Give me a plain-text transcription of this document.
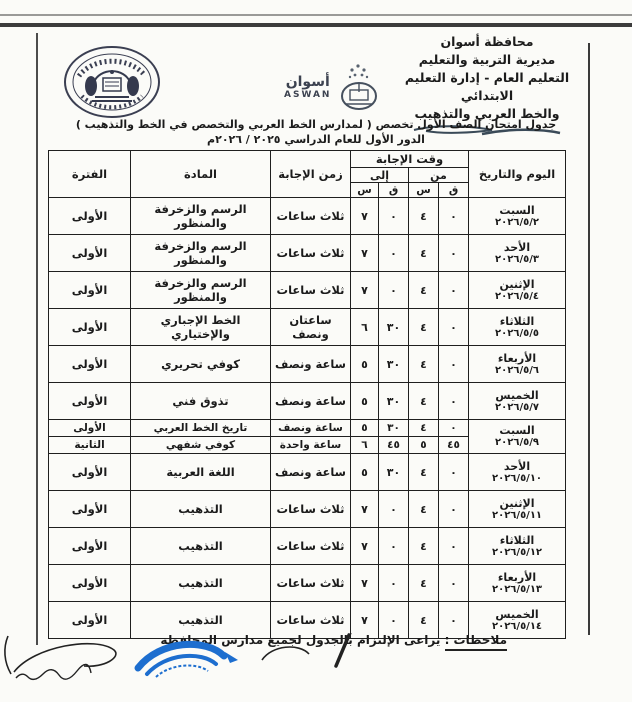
أسوان
ASWAN
محافظة أسوان
مديرية التربية والتعليم
التعليم العام - إدارة التعليم الابتدائي
والخط العربي والتذهيب
جدول امتحان الصف الأول تخصص ( لمدارس الخط العربي والتخصص في الخط والتذهيب )
الدور الأول للعام الدراسي ٢٠٢٥ / ٢٠٢٦م
اليوم والتاريخ	وقت الإجابة				زمن الإجابة	المادة	الفترة
	من		إلى				
	ق	س	ق	س			

السبت
٢٠٢٦/٥/٢	٠	٤	٠	٧	ثلاث ساعات	الرسم والزخرفة والمنظور	الأولى

الأحد
٢٠٢٦/٥/٣	٠	٤	٠	٧	ثلاث ساعات	الرسم والزخرفة والمنظور	الأولى

الإثنين
٢٠٢٦/٥/٤	٠	٤	٠	٧	ثلاث ساعات	الرسم والزخرفة والمنظور	الأولى

الثلاثاء
٢٠٢٦/٥/٥	٠	٤	٣٠	٦	ساعتان ونصف	الخط الإجباري والإختياري	الأولى

الأربعاء
٢٠٢٦/٥/٦	٠	٤	٣٠	٥	ساعة ونصف	كوفي تحريري	الأولى

الخميس
٢٠٢٦/٥/٧	٠	٤	٣٠	٥	ساعة ونصف	تذوق فني	الأولى

السبت
٢٠٢٦/٥/٩	٠	٤	٣٠	٥	ساعة ونصف	تاريخ الخط العربي	الأولى
	٤٥	٥	٤٥	٦	ساعة واحدة	كوفي شفهي	الثانية

الأحد
٢٠٢٦/٥/١٠	٠	٤	٣٠	٥	ساعة ونصف	اللغة العربية	الأولى

الإثنين
٢٠٢٦/٥/١١	٠	٤	٠	٧	ثلاث ساعات	التذهيب	الأولى

الثلاثاء
٢٠٢٦/٥/١٢	٠	٤	٠	٧	ثلاث ساعات	التذهيب	الأولى

الأربعاء
٢٠٢٦/٥/١٣	٠	٤	٠	٧	ثلاث ساعات	التذهيب	الأولى

الخميس
٢٠٢٦/٥/١٤	٠	٤	٠	٧	ثلاث ساعات	التذهيب	الأولى
ملاحظات : يراعى الإلتزام بالجدول لجميع مدارس المحافظة
